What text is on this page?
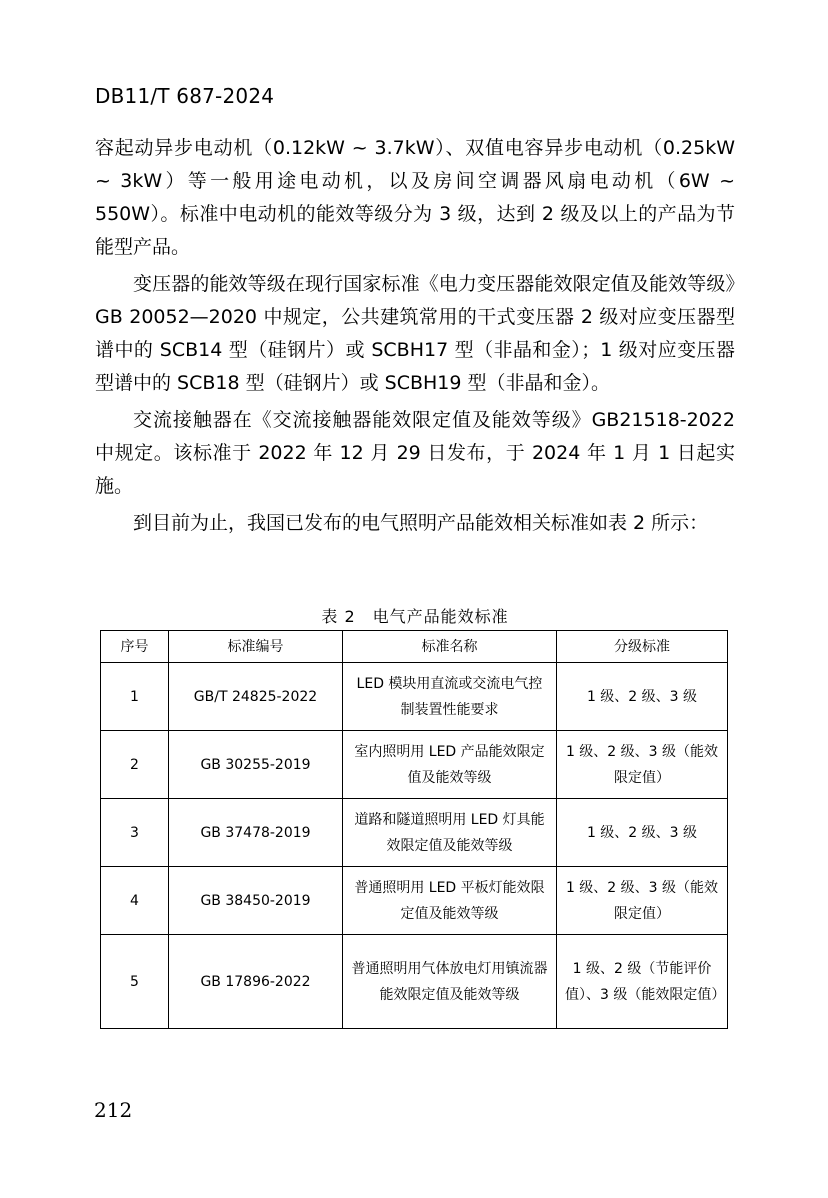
DB11/T 687-2024

容起动异步电动机（0.12kW ~ 3.7kW）、双值电容异步电动机（0.25kW ~ 3kW）等一般用途电动机，以及房间空调器风扇电动机（6W ~ 550W）。标准中电动机的能效等级分为 3 级，达到 2 级及以上的产品为节能型产品。

变压器的能效等级在现行国家标准《电力变压器能效限定值及能效等级》GB 20052—2020 中规定，公共建筑常用的干式变压器 2 级对应变压器型谱中的 SCB14 型（硅钢片）或 SCBH17 型（非晶和金）；1 级对应变压器型谱中的 SCB18 型（硅钢片）或 SCBH19 型（非晶和金）。

交流接触器在《交流接触器能效限定值及能效等级》GB21518-2022 中规定。该标准于 2022 年 12 月 29 日发布，于 2024 年 1 月 1 日起实施。

到目前为止，我国已发布的电气照明产品能效相关标准如表 2 所示：

表 2　电气产品能效标准
序号	标准编号	标准名称	分级标准
1	GB/T 24825-2022	LED 模块用直流或交流电气控制装置性能要求	1 级、2 级、3 级
2	GB 30255-2019	室内照明用 LED 产品能效限定值及能效等级	1 级、2 级、3 级（能效限定值）
3	GB 37478-2019	道路和隧道照明用 LED 灯具能效限定值及能效等级	1 级、2 级、3 级
4	GB 38450-2019	普通照明用 LED 平板灯能效限定值及能效等级	1 级、2 级、3 级（能效限定值）
5	GB 17896-2022	普通照明用气体放电灯用镇流器能效限定值及能效等级	1 级、2 级（节能评价值）、3 级（能效限定值）
212
